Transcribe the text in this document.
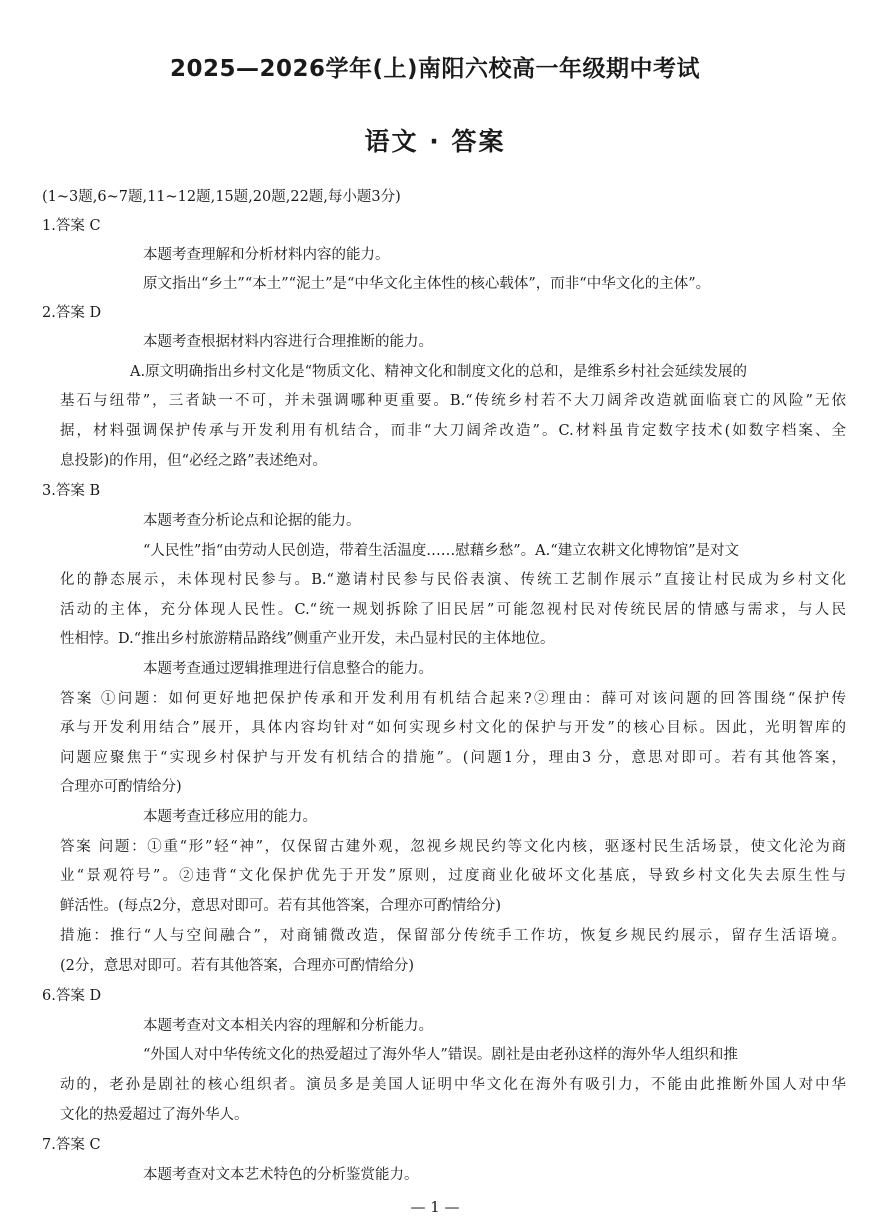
2025—2026学年(上)南阳六校高一年级期中考试
语文 · 答案
(1~3题,6~7题,11~12题,15题,20题,22题,每小题3分)
1.答案 C
本题考查理解和分析材料内容的能力。
原文指出“乡土”“本土”“泥土”是“中华文化主体性的核心载体”，而非“中华文化的主体”。
2.答案 D
本题考查根据材料内容进行合理推断的能力。
A.原文明确指出乡村文化是“物质文化、精神文化和制度文化的总和，是维系乡村社会延续发展的
基石与纽带”，三者缺一不可，并未强调哪种更重要。B.“传统乡村若不大刀阔斧改造就面临衰亡的风险”无依
据，材料强调保护传承与开发利用有机结合，而非“大刀阔斧改造”。C.材料虽肯定数字技术(如数字档案、全
息投影)的作用，但“必经之路”表述绝对。
3.答案 B
本题考查分析论点和论据的能力。
“人民性”指“由劳动人民创造，带着生活温度……慰藉乡愁”。A.“建立农耕文化博物馆”是对文
化的静态展示，未体现村民参与。B.“邀请村民参与民俗表演、传统工艺制作展示”直接让村民成为乡村文化
活动的主体，充分体现人民性。C.“统一规划拆除了旧民居”可能忽视村民对传统民居的情感与需求，与人民
性相悖。D.“推出乡村旅游精品路线”侧重产业开发，未凸显村民的主体地位。
本题考查通过逻辑推理进行信息整合的能力。
答案 ①问题：如何更好地把保护传承和开发利用有机结合起来?②理由：薛可对该问题的回答围绕“保护传
承与开发利用结合”展开，具体内容均针对“如何实现乡村文化的保护与开发”的核心目标。因此，光明智库的
问题应聚焦于“实现乡村保护与开发有机结合的措施”。(问题1分，理由3 分，意思对即可。若有其他答案，
合理亦可酌情给分)
本题考查迁移应用的能力。
答案 问题：①重“形”轻“神”，仅保留古建外观，忽视乡规民约等文化内核，驱逐村民生活场景，使文化沦为商
业“景观符号”。②违背“文化保护优先于开发”原则，过度商业化破坏文化基底，导致乡村文化失去原生性与
鲜活性。(每点2分，意思对即可。若有其他答案，合理亦可酌情给分)
措施：推行“人与空间融合”，对商铺微改造，保留部分传统手工作坊，恢复乡规民约展示，留存生活语境。
(2分，意思对即可。若有其他答案，合理亦可酌情给分)
6.答案 D
本题考查对文本相关内容的理解和分析能力。
“外国人对中华传统文化的热爱超过了海外华人”错误。剧社是由老孙这样的海外华人组织和推
动的，老孙是剧社的核心组织者。演员多是美国人证明中华文化在海外有吸引力，不能由此推断外国人对中华
文化的热爱超过了海外华人。
7.答案 C
本题考查对文本艺术特色的分析鉴赏能力。
— 1 —
